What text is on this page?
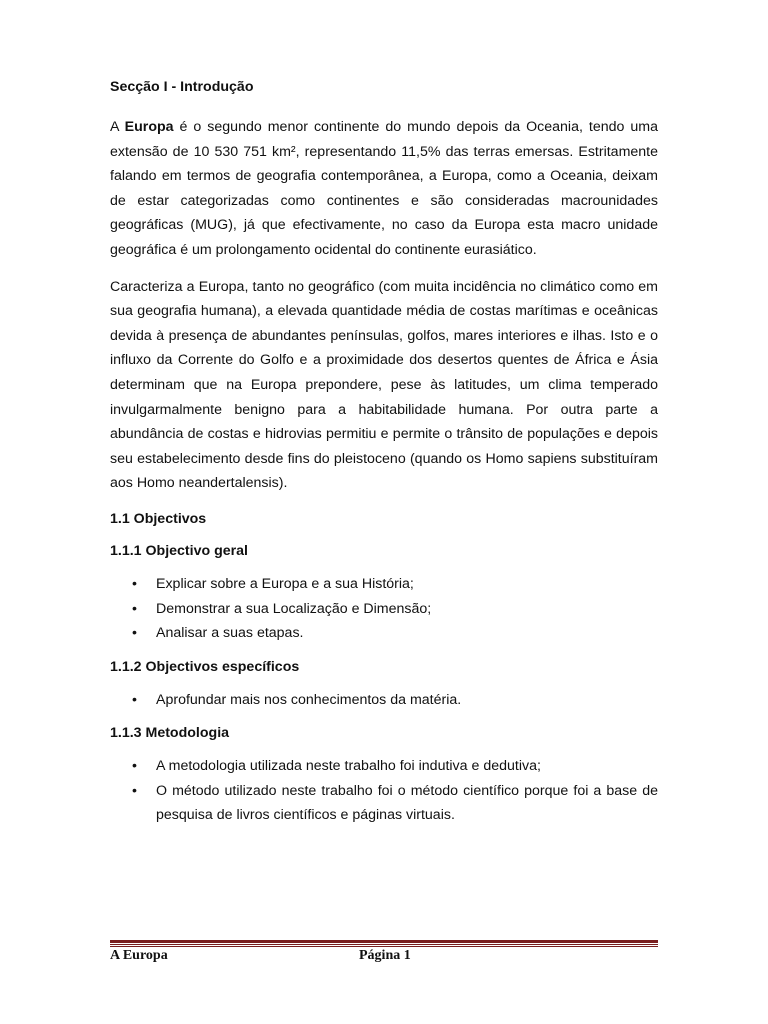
Secção I - Introdução

A Europa é o segundo menor continente do mundo depois da Oceania, tendo uma extensão de 10 530 751 km², representando 11,5% das terras emersas. Estritamente falando em termos de geografia contemporânea, a Europa, como a Oceania, deixam de estar categorizadas como continentes e são consideradas macrounidades geográficas (MUG), já que efectivamente, no caso da Europa esta macro unidade geográfica é um prolongamento ocidental do continente eurasiático.

Caracteriza a Europa, tanto no geográfico (com muita incidência no climático como em sua geografia humana), a elevada quantidade média de costas marítimas e oceânicas devida à presença de abundantes penínsulas, golfos, mares interiores e ilhas. Isto e o influxo da Corrente do Golfo e a proximidade dos desertos quentes de África e Ásia determinam que na Europa prepondere, pese às latitudes, um clima temperado invulgarmalmente benigno para a habitabilidade humana. Por outra parte a abundância de costas e hidrovias permitiu e permite o trânsito de populações e depois seu estabelecimento desde fins do pleistoceno (quando os Homo sapiens substituíram aos Homo neandertalensis).

1.1 Objectivos
1.1.1 Objectivo geral
• Explicar sobre a Europa e a sua História;
• Demonstrar a sua Localização e Dimensão;
• Analisar a suas etapas.
1.1.2 Objectivos específicos
• Aprofundar mais nos conhecimentos da matéria.
1.1.3 Metodologia
• A metodologia utilizada neste trabalho foi indutiva e dedutiva;
• O método utilizado neste trabalho foi o método científico porque foi a base de pesquisa de livros científicos e páginas virtuais.
A Europa	Página 1
